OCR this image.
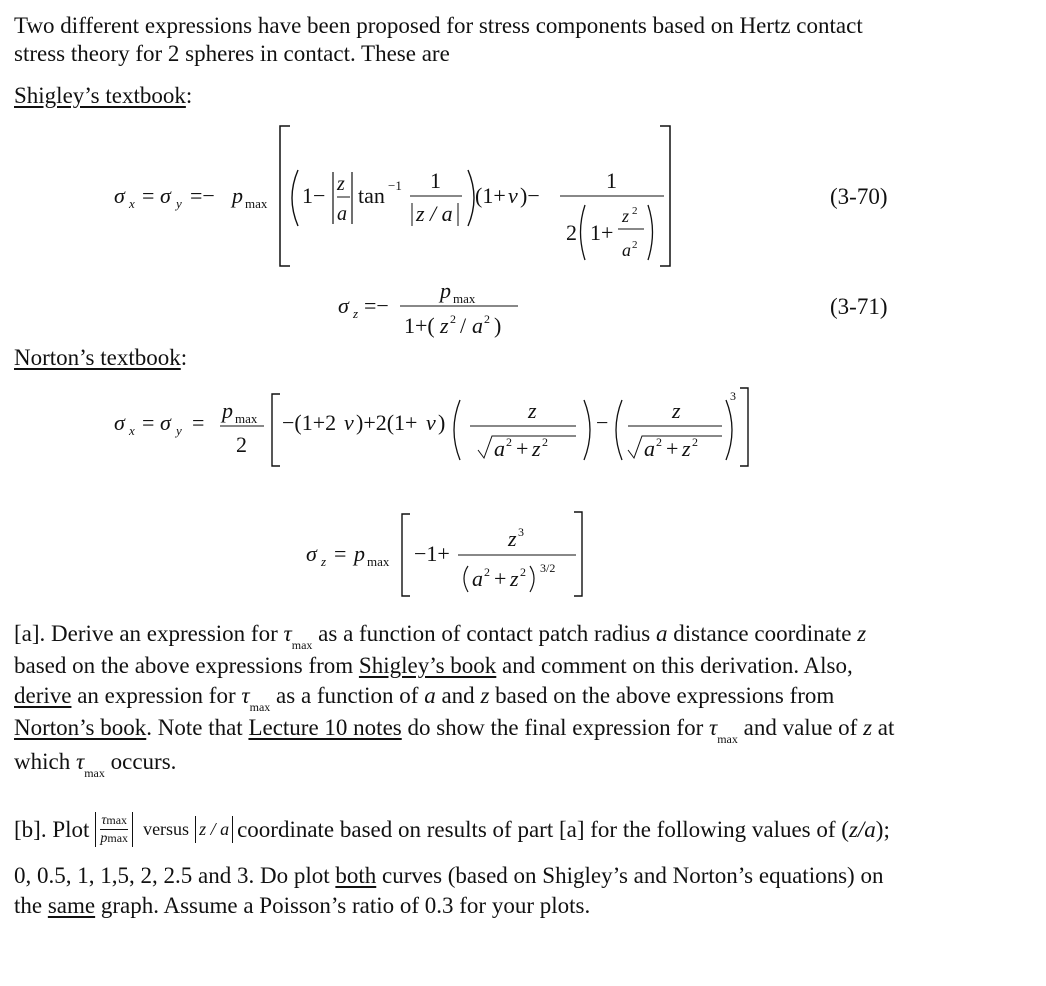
Two different expressions have been proposed for stress components based on Hertz contact
stress theory for 2 spheres in contact. These are
Shigley’s textbook:
σ x = σ y =− p max 1− z
a
tan −1 1
z / a
(1+ ν )−
1
2 1+
z 2
a 2
σ z =−
p max
1+( z 2 / a 2 )
σ x = σ y = p max
2
−(1+2 ν )+2(1+ ν )	z
a 2 + z 2
−	z
a 2 + z 2
3
σ z = p max −1+
z 3
a 2 + z 2 3/2
(3-70)
(3-71)
Norton’s textbook:
[a]. Derive an expression for $\tau_{max}$ as a function of contact patch radius a distance coordinate z
based on the above expressions from Shigley’s book and comment on this derivation. Also,
derive an expression for $\tau_{max}$ as a function of a and z based on the above expressions from
Norton’s book. Note that Lecture 10 notes do show the final expression for $\tau_{max}$ and value of z at
which $\tau_{max}$ occurs.
[b]. Plot τmax
pmax versus z / a coordinate based on results of part [a] for the following values of ( z/a );
0, 0.5, 1, 1,5, 2, 2.5 and 3. Do plot both curves (based on Shigley’s and Norton’s equations) on
the same graph. Assume a Poisson’s ratio of 0.3 for your plots.
